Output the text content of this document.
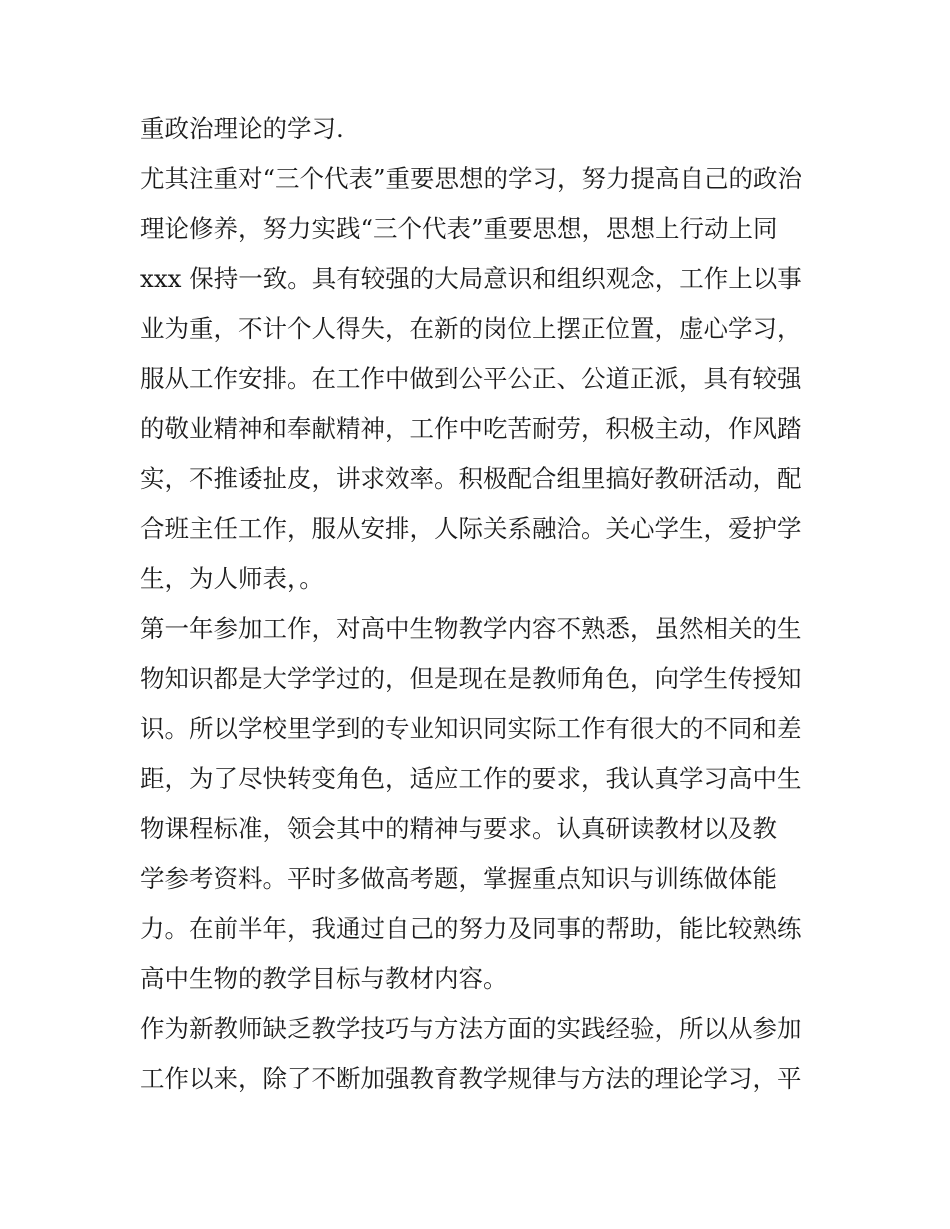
重政治理论的学习.
尤其注重对“三个代表”重要思想的学习，努力提高自己的政治
理论修养，努力实践“三个代表”重要思想，思想上行动上同
xxx 保持一致。具有较强的大局意识和组织观念，工作上以事
业为重，不计个人得失，在新的岗位上摆正位置，虚心学习，
服从工作安排。在工作中做到公平公正、公道正派，具有较强
的敬业精神和奉献精神，工作中吃苦耐劳，积极主动，作风踏
实，不推诿扯皮，讲求效率。积极配合组里搞好教研活动，配
合班主任工作，服从安排，人际关系融洽。关心学生，爱护学
生，为人师表，。
第一年参加工作，对高中生物教学内容不熟悉，虽然相关的生
物知识都是大学学过的，但是现在是教师角色，向学生传授知
识。所以学校里学到的专业知识同实际工作有很大的不同和差
距，为了尽快转变角色，适应工作的要求，我认真学习高中生
物课程标准，领会其中的精神与要求。认真研读教材以及教
学参考资料。平时多做高考题，掌握重点知识与训练做体能
力。在前半年，我通过自己的努力及同事的帮助，能比较熟练
高中生物的教学目标与教材内容。
作为新教师缺乏教学技巧与方法方面的实践经验，所以从参加
工作以来，除了不断加强教育教学规律与方法的理论学习，平
